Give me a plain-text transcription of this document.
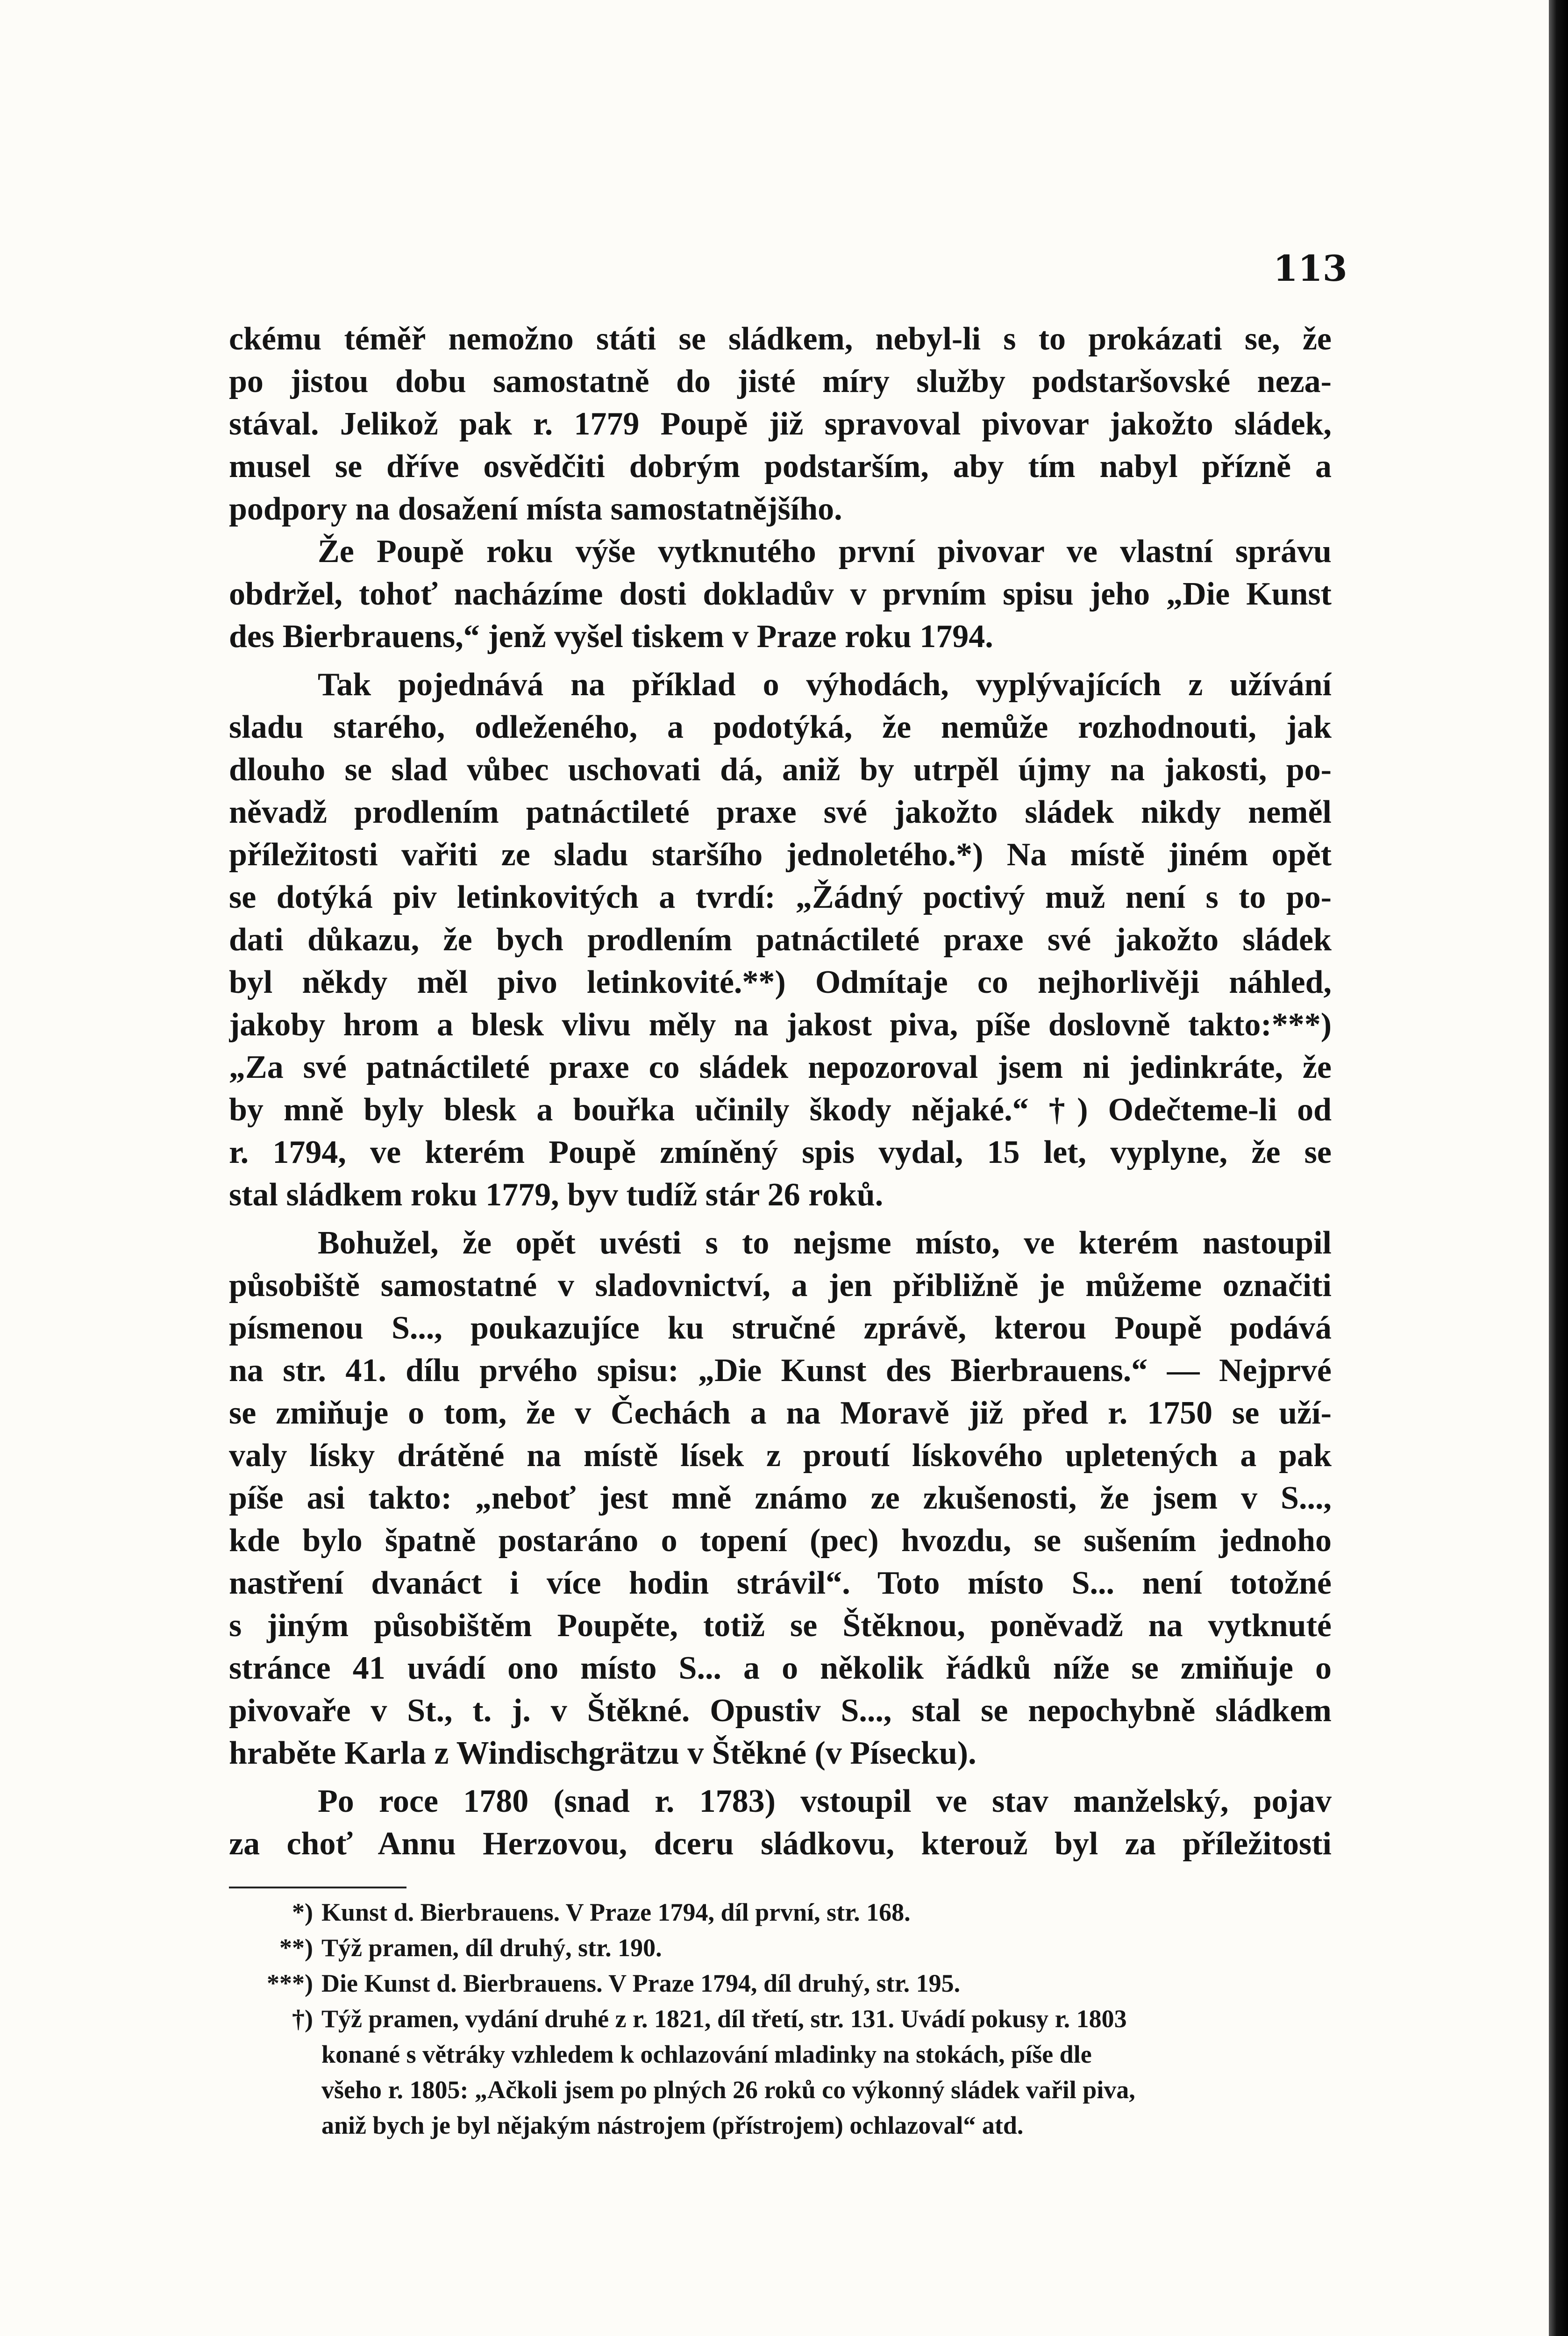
113
ckému téměř nemožno státi se sládkem, nebyl-li s to prokázati se, že
po jistou dobu samostatně do jisté míry služby podstaršovské neza-
stával. Jelikož pak r. 1779 Poupě již spravoval pivovar jakožto sládek,
musel se dříve osvědčiti dobrým podstarším, aby tím nabyl přízně a
podpory na dosažení místa samostatnějšího.
Že Poupě roku výše vytknutého první pivovar ve vlastní správu
obdržel, tohoť nacházíme dosti dokladův v prvním spisu jeho „Die Kunst
des Bierbrauens,“ jenž vyšel tiskem v Praze roku 1794.
Tak pojednává na příklad o výhodách, vyplývajících z užívání
sladu starého, odleženého, a podotýká, že nemůže rozhodnouti, jak
dlouho se slad vůbec uschovati dá, aniž by utrpěl újmy na jakosti, po-
něvadž prodlením patnáctileté praxe své jakožto sládek nikdy neměl
příležitosti vařiti ze sladu staršího jednoletého.*) Na místě jiném opět
se dotýká piv letinkovitých a tvrdí: „Žádný poctivý muž není s to po-
dati důkazu, že bych prodlením patnáctileté praxe své jakožto sládek
byl někdy měl pivo letinkovité.**) Odmítaje co nejhorlivěji náhled,
jakoby hrom a blesk vlivu měly na jakost piva, píše doslovně takto:***)
„Za své patnáctileté praxe co sládek nepozoroval jsem ni jedinkráte, že
by mně byly blesk a bouřka učinily škody nějaké.“ †) Odečteme-li od
r. 1794, ve kterém Poupě zmíněný spis vydal, 15 let, vyplyne, že se
stal sládkem roku 1779, byv tudíž stár 26 roků.
Bohužel, že opět uvésti s to nejsme místo, ve kterém nastoupil
působiště samostatné v sladovnictví, a jen přibližně je můžeme označiti
písmenou S..., poukazujíce ku stručné zprávě, kterou Poupě podává
na str. 41. dílu prvého spisu: „Die Kunst des Bierbrauens.“ — Nejprvé
se zmiňuje o tom, že v Čechách a na Moravě již před r. 1750 se uží-
valy lísky drátěné na místě lísek z proutí lískového upletených a pak
píše asi takto: „neboť jest mně známo ze zkušenosti, že jsem v S...,
kde bylo špatně postaráno o topení (pec) hvozdu, se sušením jednoho
nastření dvanáct i více hodin strávil“. Toto místo S... není totožné
s jiným působištěm Poupěte, totiž se Štěknou, poněvadž na vytknuté
stránce 41 uvádí ono místo S... a o několik řádků níže se zmiňuje o
pivovaře v St., t. j. v Štěkné. Opustiv S..., stal se nepochybně sládkem
hraběte Karla z Windischgrätzu v Štěkné (v Písecku).
Po roce 1780 (snad r. 1783) vstoupil ve stav manželský, pojav
za choť Annu Herzovou, dceru sládkovu, kterouž byl za příležitosti
*) Kunst d. Bierbrauens. V Praze 1794, díl první, str. 168.
**) Týž pramen, díl druhý, str. 190.
***) Die Kunst d. Bierbrauens. V Praze 1794, díl druhý, str. 195.
†) Týž pramen, vydání druhé z r. 1821, díl třetí, str. 131. Uvádí pokusy r. 1803
konané s větráky vzhledem k ochlazování mladinky na stokách, píše dle
všeho r. 1805: „Ačkoli jsem po plných 26 roků co výkonný sládek vařil piva,
aniž bych je byl nějakým nástrojem (přístrojem) ochlazoval“ atd.
